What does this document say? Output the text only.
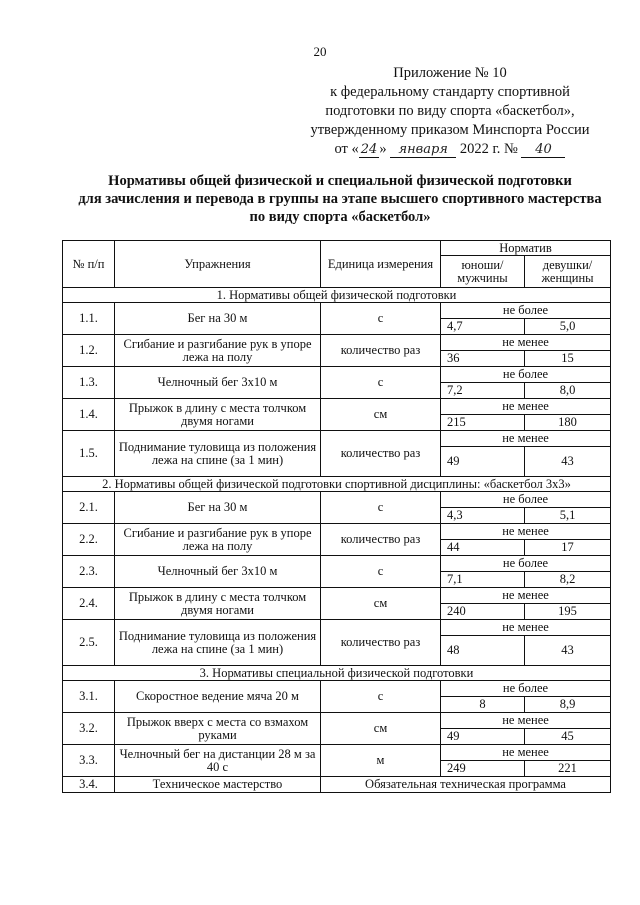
20
Приложение № 10
к федеральному стандарту спортивной
подготовки по виду спорта «баскетбол»,
утвержденному приказом Минспорта России
от « 24 » января 2022 г. № 40
Нормативы общей физической и специальной физической подготовки
для зачисления и перевода в группы на этапе высшего спортивного мастерства
по виду спорта «баскетбол»
№ п/п	Упражнения	Единица измерения	Норматив	
			юноши/ мужчины	девушки/ женщины
1. Нормативы общей физической подготовки				
1.1.	Бег на 30 м	с	не более	
			4,7	5,0
1.2.	Сгибание и разгибание рук в упоре лежа на полу	количество раз	не менее	
			36	15
1.3.	Челночный бег 3х10 м	с	не более	
			7,2	8,0
1.4.	Прыжок в длину с места толчком двумя ногами	см	не менее	
			215	180
1.5.	Поднимание туловища из положения лежа на спине (за 1 мин)	количество раз	не менее	
			49	43
2. Нормативы общей физической подготовки спортивной дисциплины: «баскетбол 3х3»				
2.1.	Бег на 30 м	с	не более	
			4,3	5,1
2.2.	Сгибание и разгибание рук в упоре лежа на полу	количество раз	не менее	
			44	17
2.3.	Челночный бег 3х10 м	с	не более	
			7,1	8,2
2.4.	Прыжок в длину с места толчком двумя ногами	см	не менее	
			240	195
2.5.	Поднимание туловища из положения лежа на спине (за 1 мин)	количество раз	не менее	
			48	43
3. Нормативы специальной физической подготовки				
3.1.	Скоростное ведение мяча 20 м	с	не более	
			8	8,9
3.2.	Прыжок вверх с места со взмахом руками	см	не менее	
			49	45
3.3.	Челночный бег на дистанции 28 м за 40 с	м	не менее	
			249	221
3.4.	Техническое мастерство	Обязательная техническая программа		
